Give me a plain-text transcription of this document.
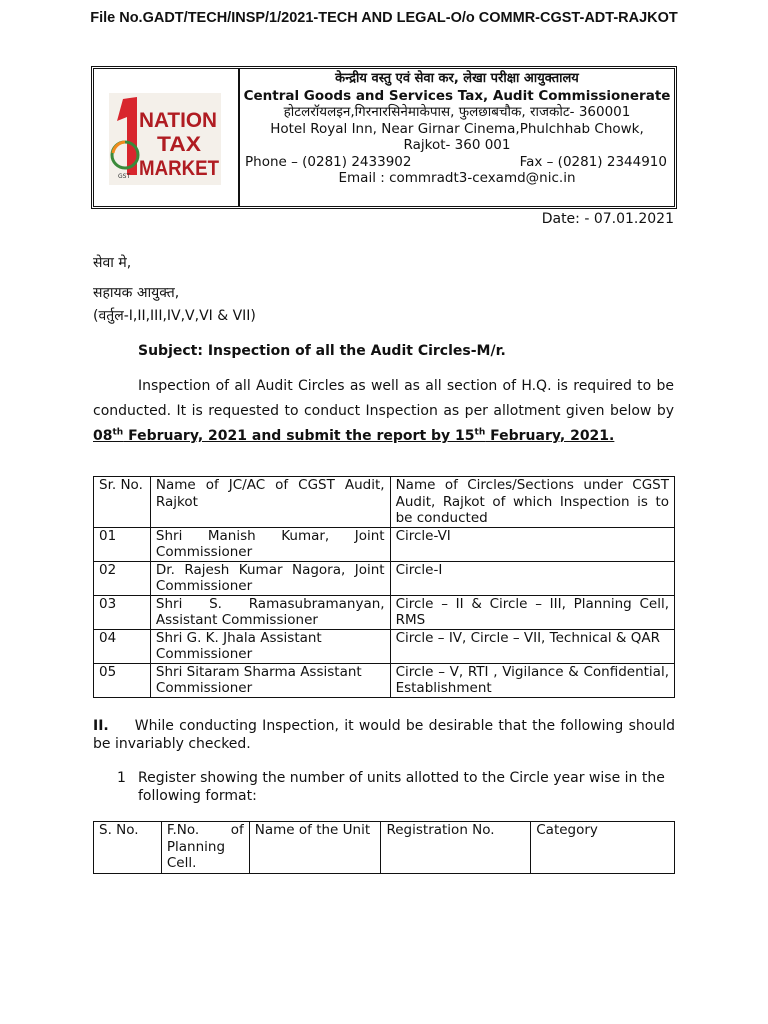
File No.GADT/TECH/INSP/1/2021-TECH AND LEGAL-O/o COMMR-CGST-ADT-RAJKOT
GST
NATION
TAX
MARKET
केन्द्रीय वस्तु एवं सेवा कर, लेखा परीक्षा आयुक्तालय
Central Goods and Services Tax, Audit Commissionerate
होटलरॉयलइन,गिरनारसिनेमाकेपास, फुलछाबचौक, राजकोट- 360001
Hotel Royal Inn, Near Girnar Cinema,Phulchhab Chowk,
Rajkot- 360 001
Phone – (0281) 2433902	Fax – (0281) 2344910
Email : commradt3-cexamd@nic.in
Date: - 07.01.2021
सेवा मे,
सहायक आयुक्त,
(वर्तुल-I,II,III,IV,V,VI & VII)
Subject: Inspection of all the Audit Circles-M/r.
Inspection of all Audit Circles as well as all section of H.Q. is required to be conducted. It is requested to conduct Inspection as per allotment given below by 08th February, 2021 and submit the report by 15th February, 2021.
Sr. No.	Name of JC/AC of CGST Audit, Rajkot	Name of Circles/Sections under CGST Audit, Rajkot of which Inspection is to be conducted
01	Shri Manish Kumar, Joint Commissioner	Circle-VI
02	Dr. Rajesh Kumar Nagora, Joint Commissioner	Circle-I
03	Shri S. Ramasubramanyan, Assistant Commissioner	Circle – II & Circle – III, Planning Cell, RMS
04	Shri G. K. Jhala Assistant Commissioner	Circle – IV, Circle – VII, Technical & QAR
05	Shri Sitaram Sharma Assistant Commissioner	Circle – V, RTI , Vigilance & Confidential, Establishment
II. While conducting Inspection, it would be desirable that the following should be invariably checked.
1 Register showing the number of units allotted to the Circle year wise in the following format:
S. No.	F.No. of Planning Cell.	Name of the Unit	Registration No.	Category
